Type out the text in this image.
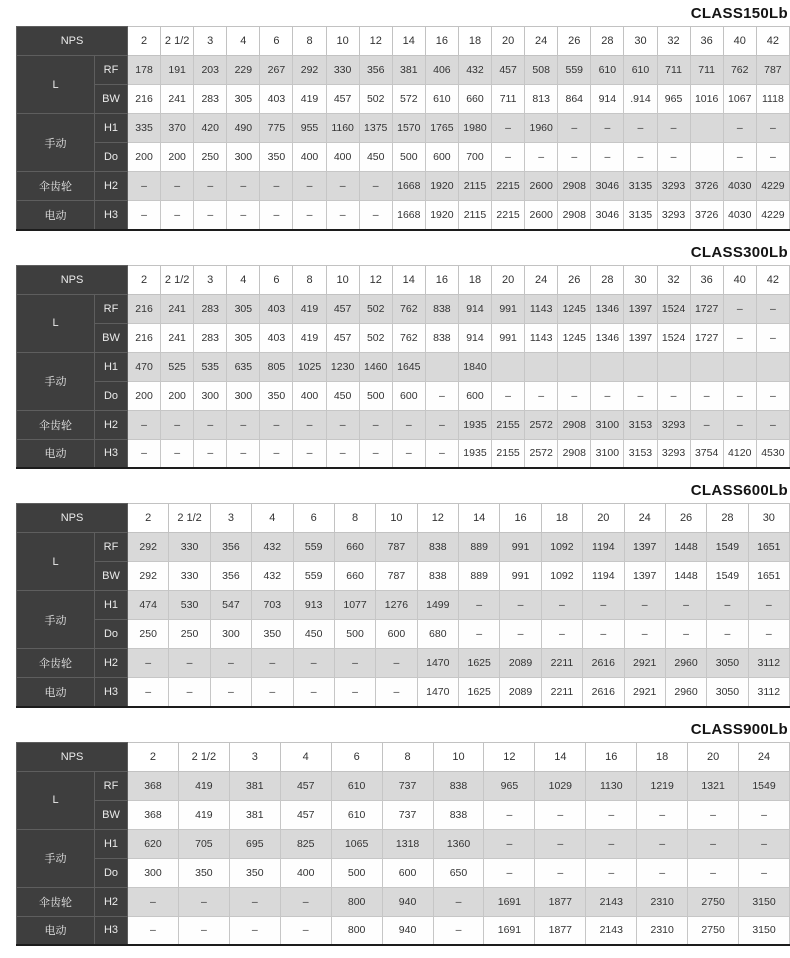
CLASS150Lb
NPS		2	2 1/2	3	4	6	8	10	12	14	16	18	20	24	26	28	30	32	36	40	42
L	RF	178	191	203	229	267	292	330	356	381	406	432	457	508	559	610	610	711	711	762	787
	BW	216	241	283	305	403	419	457	502	572	610	660	711	813	864	914	.914	965	1016	1067	1118
手动	H1	335	370	420	490	775	955	1160	1375	1570	1765	1980	–	1960	–	–	–	–		–	–
	Do	200	200	250	300	350	400	400	450	500	600	700	–	–	–	–	–	–		–	–
伞齿轮	H2	–	–	–	–	–	–	–	–	1668	1920	2115	2215	2600	2908	3046	3135	3293	3726	4030	4229
电动	H3	–	–	–	–	–	–	–	–	1668	1920	2115	2215	2600	2908	3046	3135	3293	3726	4030	4229
CLASS300Lb
NPS		2	2 1/2	3	4	6	8	10	12	14	16	18	20	24	26	28	30	32	36	40	42
L	RF	216	241	283	305	403	419	457	502	762	838	914	991	1143	1245	1346	1397	1524	1727	–	–
	BW	216	241	283	305	403	419	457	502	762	838	914	991	1143	1245	1346	1397	1524	1727	–	–
手动	H1	470	525	535	635	805	1025	1230	1460	1645		1840									
	Do	200	200	300	300	350	400	450	500	600	–	600	–	–	–	–	–	–	–	–	–
伞齿轮	H2	–	–	–	–	–	–	–	–	–	–	1935	2155	2572	2908	3100	3153	3293	–	–	–
电动	H3	–	–	–	–	–	–	–	–	–	–	1935	2155	2572	2908	3100	3153	3293	3754	4120	4530
CLASS600Lb
NPS		2	2 1/2	3	4	6	8	10	12	14	16	18	20	24	26	28	30
L	RF	292	330	356	432	559	660	787	838	889	991	1092	1194	1397	1448	1549	1651
	BW	292	330	356	432	559	660	787	838	889	991	1092	1194	1397	1448	1549	1651
手动	H1	474	530	547	703	913	1077	1276	1499	–	–	–	–	–	–	–	–
	Do	250	250	300	350	450	500	600	680	–	–	–	–	–	–	–	–
伞齿轮	H2	–	–	–	–	–	–	–	1470	1625	2089	2211	2616	2921	2960	3050	3112
电动	H3	–	–	–	–	–	–	–	1470	1625	2089	2211	2616	2921	2960	3050	3112
CLASS900Lb
NPS		2	2 1/2	3	4	6	8	10	12	14	16	18	20	24
L	RF	368	419	381	457	610	737	838	965	1029	1130	1219	1321	1549
	BW	368	419	381	457	610	737	838	–	–	–	–	–	–
手动	H1	620	705	695	825	1065	1318	1360	–	–	–	–	–	–
	Do	300	350	350	400	500	600	650	–	–	–	–	–	–
伞齿轮	H2	–	–	–	–	800	940	–	1691	1877	2143	2310	2750	3150
电动	H3	–	–	–	–	800	940	–	1691	1877	2143	2310	2750	3150
